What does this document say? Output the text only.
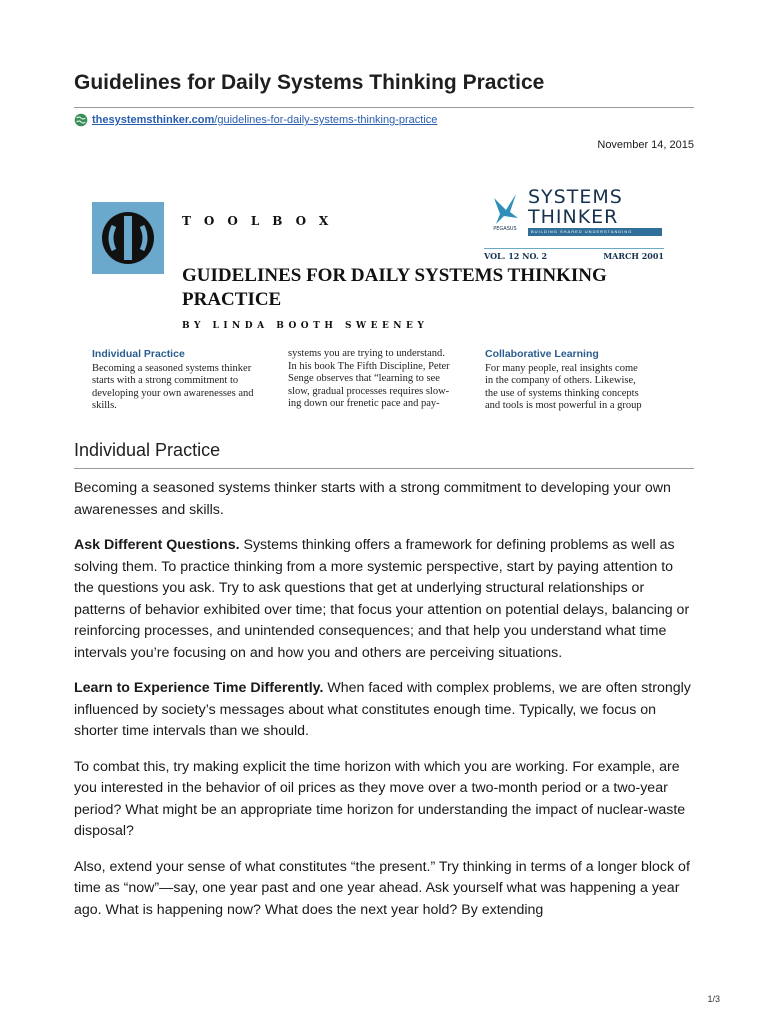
Guidelines for Daily Systems Thinking Practice
thesystemsthinker.com/guidelines-for-daily-systems-thinking-practice
November 14, 2015
TOOLBOX
PEGASUS
SYSTEMS
THINKER
BUILDING SHARED UNDERSTANDING
VOL. 12 NO. 2	MARCH 2001
GUIDELINES FOR DAILY SYSTEMS THINKING PRACTICE
BY LINDA BOOTH SWEENEY
Individual Practice
Becoming a seasoned systems thinker
starts with a strong commitment to
developing your own awarenesses and
skills.
systems you are trying to understand.
In his book The Fifth Discipline, Peter
Senge observes that “learning to see
slow, gradual processes requires slow-
ing down our frenetic pace and pay-
Collaborative Learning
For many people, real insights come
in the company of others. Likewise,
the use of systems thinking concepts
and tools is most powerful in a group
Individual Practice

Becoming a seasoned systems thinker starts with a strong commitment to developing your own awarenesses and skills.

Ask Different Questions. Systems thinking offers a framework for defining problems as well as solving them. To practice thinking from a more systemic perspective, start by paying attention to the questions you ask. Try to ask questions that get at underlying structural relationships or patterns of behavior exhibited over time; that focus your attention on potential delays, balancing or reinforcing processes, and unintended consequences; and that help you understand what time intervals you’re focusing on and how you and others are perceiving situations.

Learn to Experience Time Differently. When faced with complex problems, we are often strongly influenced by society’s messages about what constitutes enough time. Typically, we focus on shorter time intervals than we should.

To combat this, try making explicit the time horizon with which you are working. For example, are you interested in the behavior of oil prices as they move over a two-month period or a two-year period? What might be an appropriate time horizon for understanding the impact of nuclear-waste disposal?

Also, extend your sense of what constitutes “the present.” Try thinking in terms of a longer block of time as “now”—say, one year past and one year ahead. Ask yourself what was happening a year ago. What is happening now? What does the next year hold? By extending

1/3
